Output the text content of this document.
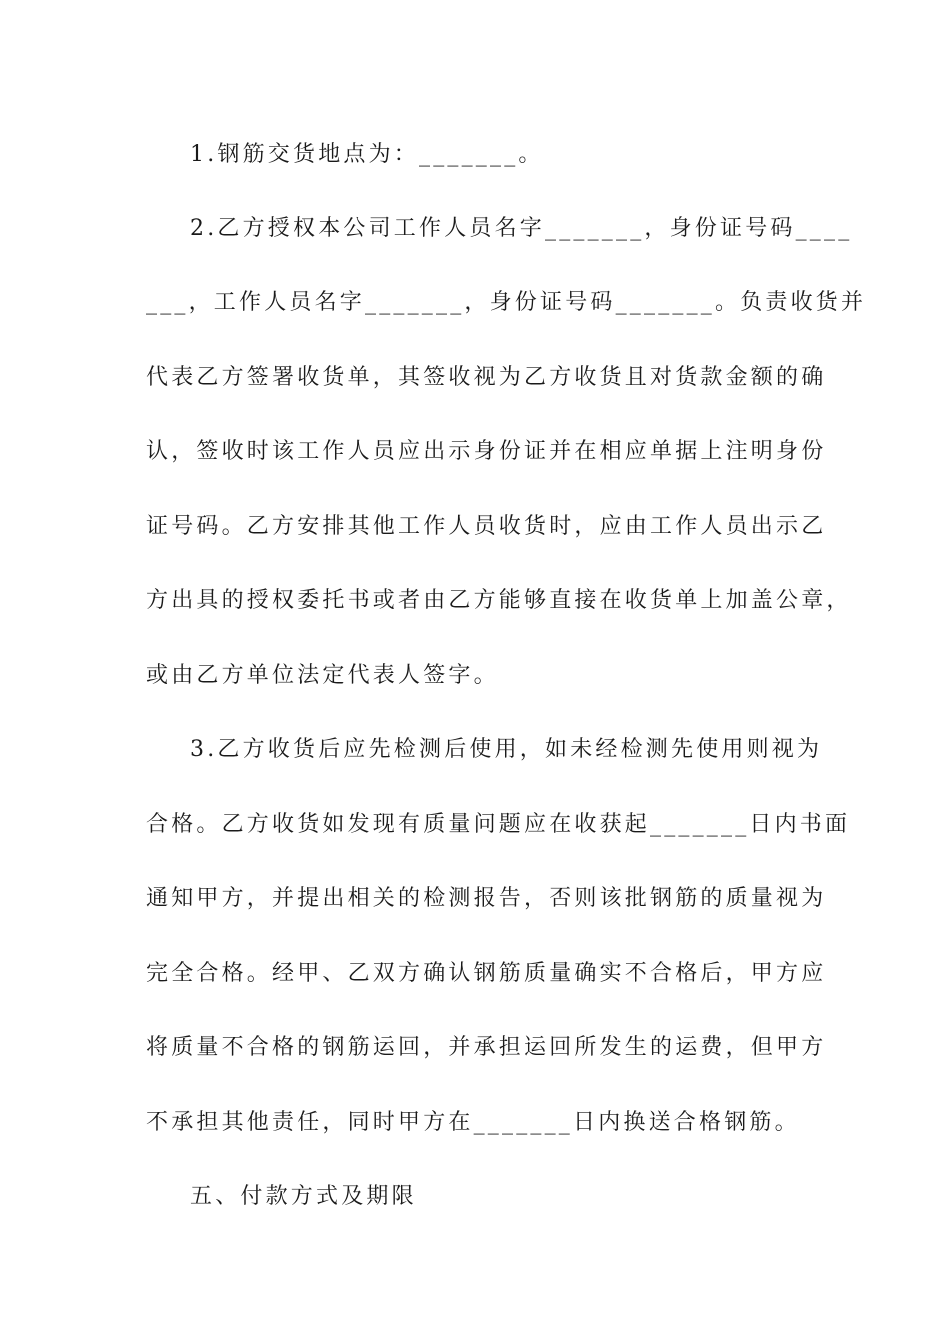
1.钢筋交货地点为：_______。
2.乙方授权本公司工作人员名字_______，身份证号码____
___，工作人员名字_______，身份证号码_______。负责收货并
代表乙方签署收货单，其签收视为乙方收货且对货款金额的确
认，签收时该工作人员应出示身份证并在相应单据上注明身份
证号码。乙方安排其他工作人员收货时，应由工作人员出示乙
方出具的授权委托书或者由乙方能够直接在收货单上加盖公章，
或由乙方单位法定代表人签字。
3.乙方收货后应先检测后使用，如未经检测先使用则视为
合格。乙方收货如发现有质量问题应在收获起_______日内书面
通知甲方，并提出相关的检测报告，否则该批钢筋的质量视为
完全合格。经甲、乙双方确认钢筋质量确实不合格后，甲方应
将质量不合格的钢筋运回，并承担运回所发生的运费，但甲方
不承担其他责任，同时甲方在_______日内换送合格钢筋。
五、付款方式及期限
